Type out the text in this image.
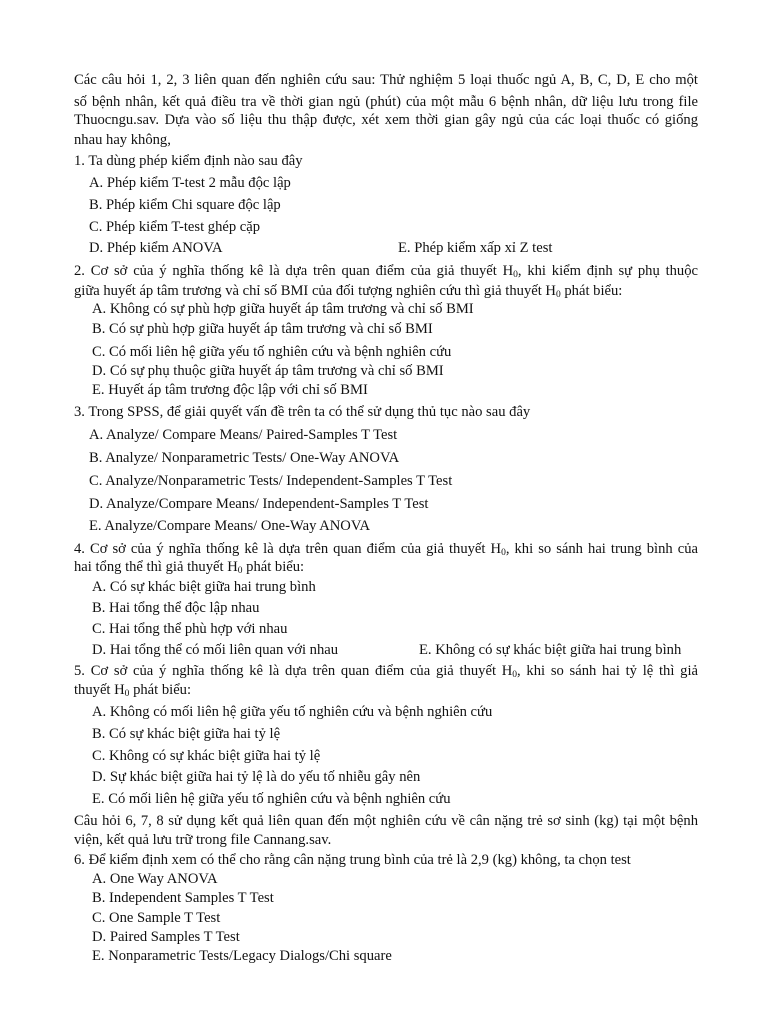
Các câu hỏi 1, 2, 3 liên quan đến nghiên cứu sau: Thử nghiệm 5 loại thuốc ngủ A, B, C, D, E cho một
số bệnh nhân, kết quả điều tra về thời gian ngủ (phút) của một mẫu 6 bệnh nhân, dữ liệu lưu trong file
Thuocngu.sav. Dựa vào số liệu thu thập được, xét xem thời gian gây ngủ của các loại thuốc có giống
nhau hay không,
1. Ta dùng phép kiểm định nào sau đây
A. Phép kiểm T-test 2 mẫu độc lập
B. Phép kiểm Chi square độc lập
C. Phép kiểm T-test ghép cặp
D. Phép kiểm ANOVA	E. Phép kiểm xấp xỉ Z test
2. Cơ sở của ý nghĩa thống kê là dựa trên quan điểm của giả thuyết $H_0$, khi kiểm định sự phụ thuộc
giữa huyết áp tâm trương và chỉ số BMI của đối tượng nghiên cứu thì giả thuyết $H_0$ phát biểu:
A. Không có sự phù hợp giữa huyết áp tâm trương và chỉ số BMI
B. Có sự phù hợp giữa huyết áp tâm trương và chỉ số BMI
C. Có mối liên hệ giữa yếu tố nghiên cứu và bệnh nghiên cứu
D. Có sự phụ thuộc giữa huyết áp tâm trương và chỉ số BMI
E. Huyết áp tâm trương độc lập với chỉ số BMI
3. Trong SPSS, để giải quyết vấn đề trên ta có thể sử dụng thủ tục nào sau đây
A. Analyze/ Compare Means/ Paired-Samples T Test
B. Analyze/ Nonparametric Tests/ One-Way ANOVA
C. Analyze/Nonparametric Tests/ Independent-Samples T Test
D. Analyze/Compare Means/ Independent-Samples T Test
E. Analyze/Compare Means/ One-Way ANOVA
4. Cơ sở của ý nghĩa thống kê là dựa trên quan điểm của giả thuyết $H_0$, khi so sánh hai trung bình của
hai tổng thể thì giả thuyết $H_0$ phát biểu:
A. Có sự khác biệt giữa hai trung bình
B. Hai tổng thể độc lập nhau
C. Hai tổng thể phù hợp với nhau
D. Hai tổng thể có mối liên quan với nhau	E. Không có sự khác biệt giữa hai trung bình
5. Cơ sở của ý nghĩa thống kê là dựa trên quan điểm của giả thuyết $H_0$, khi so sánh hai tỷ lệ thì giả
thuyết $H_0$ phát biểu:
A. Không có mối liên hệ giữa yếu tố nghiên cứu và bệnh nghiên cứu
B. Có sự khác biệt giữa hai tỷ lệ
C. Không có sự khác biệt giữa hai tỷ lệ
D. Sự khác biệt giữa hai tỷ lệ là do yếu tố nhiễu gây nên
E. Có mối liên hệ giữa yếu tố nghiên cứu và bệnh nghiên cứu
Câu hỏi 6, 7, 8 sử dụng kết quả liên quan đến một nghiên cứu về cân nặng trẻ sơ sinh (kg) tại một bệnh
viện, kết quả lưu trữ trong file Cannang.sav.
6. Để kiểm định xem có thể cho rằng cân nặng trung bình của trẻ là 2,9 (kg) không, ta chọn test
A. One Way ANOVA
B. Independent Samples T Test
C. One Sample T Test
D. Paired Samples T Test
E. Nonparametric Tests/Legacy Dialogs/Chi square
